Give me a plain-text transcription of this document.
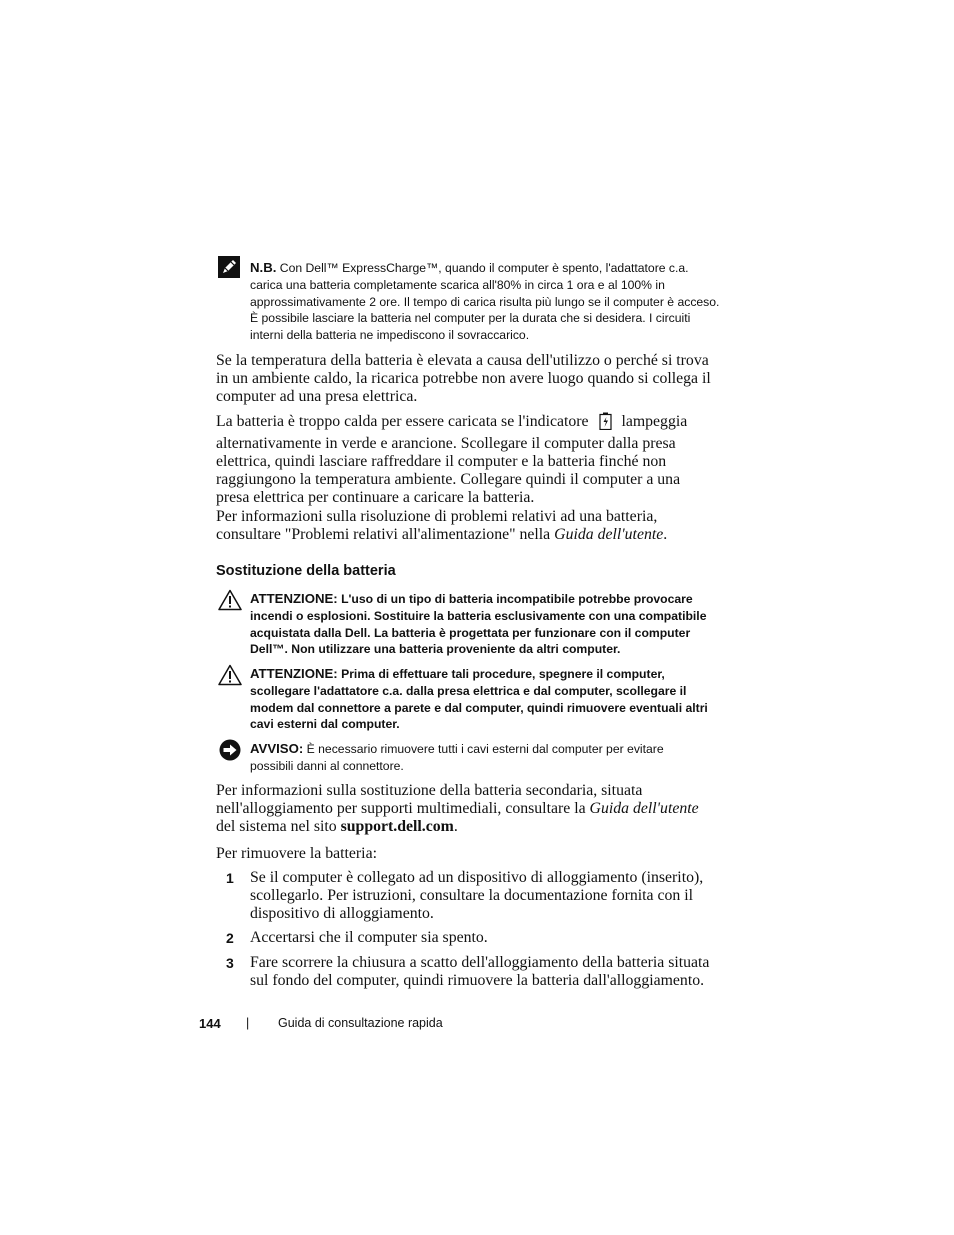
N.B. Con Dell™ ExpressCharge™, quando il computer è spento, l'adattatore c.a. carica una batteria completamente scarica all'80% in circa 1 ora e al 100% in approssimativamente 2 ore. Il tempo di carica risulta più lungo se il computer è acceso. È possibile lasciare la batteria nel computer per la durata che si desidera. I circuiti interni della batteria ne impediscono il sovraccarico.

Se la temperatura della batteria è elevata a causa dell'utilizzo o perché si trova in un ambiente caldo, la ricarica potrebbe non avere luogo quando si collega il computer ad una presa elettrica.

La batteria è troppo calda per essere caricata se l'indicatore lampeggia alternativamente in verde e arancione. Scollegare il computer dalla presa elettrica, quindi lasciare raffreddare il computer e la batteria finché non raggiungono la temperatura ambiente. Collegare quindi il computer a una presa elettrica per continuare a caricare la batteria.

Per informazioni sulla risoluzione di problemi relativi ad una batteria, consultare "Problemi relativi all'alimentazione" nella Guida dell'utente.

Sostituzione della batteria
ATTENZIONE: L'uso di un tipo di batteria incompatibile potrebbe provocare incendi o esplosioni. Sostituire la batteria esclusivamente con una compatibile acquistata dalla Dell. La batteria è progettata per funzionare con il computer Dell™. Non utilizzare una batteria proveniente da altri computer.
ATTENZIONE: Prima di effettuare tali procedure, spegnere il computer, scollegare l'adattatore c.a. dalla presa elettrica e dal computer, scollegare il modem dal connettore a parete e dal computer, quindi rimuovere eventuali altri cavi esterni dal computer.
AVVISO: È necessario rimuovere tutti i cavi esterni dal computer per evitare possibili danni al connettore.

Per informazioni sulla sostituzione della batteria secondaria, situata nell'alloggiamento per supporti multimediali, consultare la Guida dell'utente del sistema nel sito support.dell.com.

Per rimuovere la batteria:

1 Se il computer è collegato ad un dispositivo di alloggiamento (inserito), scollegarlo. Per istruzioni, consultare la documentazione fornita con il dispositivo di alloggiamento.

2 Accertarsi che il computer sia spento.

3 Fare scorrere la chiusura a scatto dell'alloggiamento della batteria situata sul fondo del computer, quindi rimuovere la batteria dall'alloggiamento.

144 | Guida di consultazione rapida
